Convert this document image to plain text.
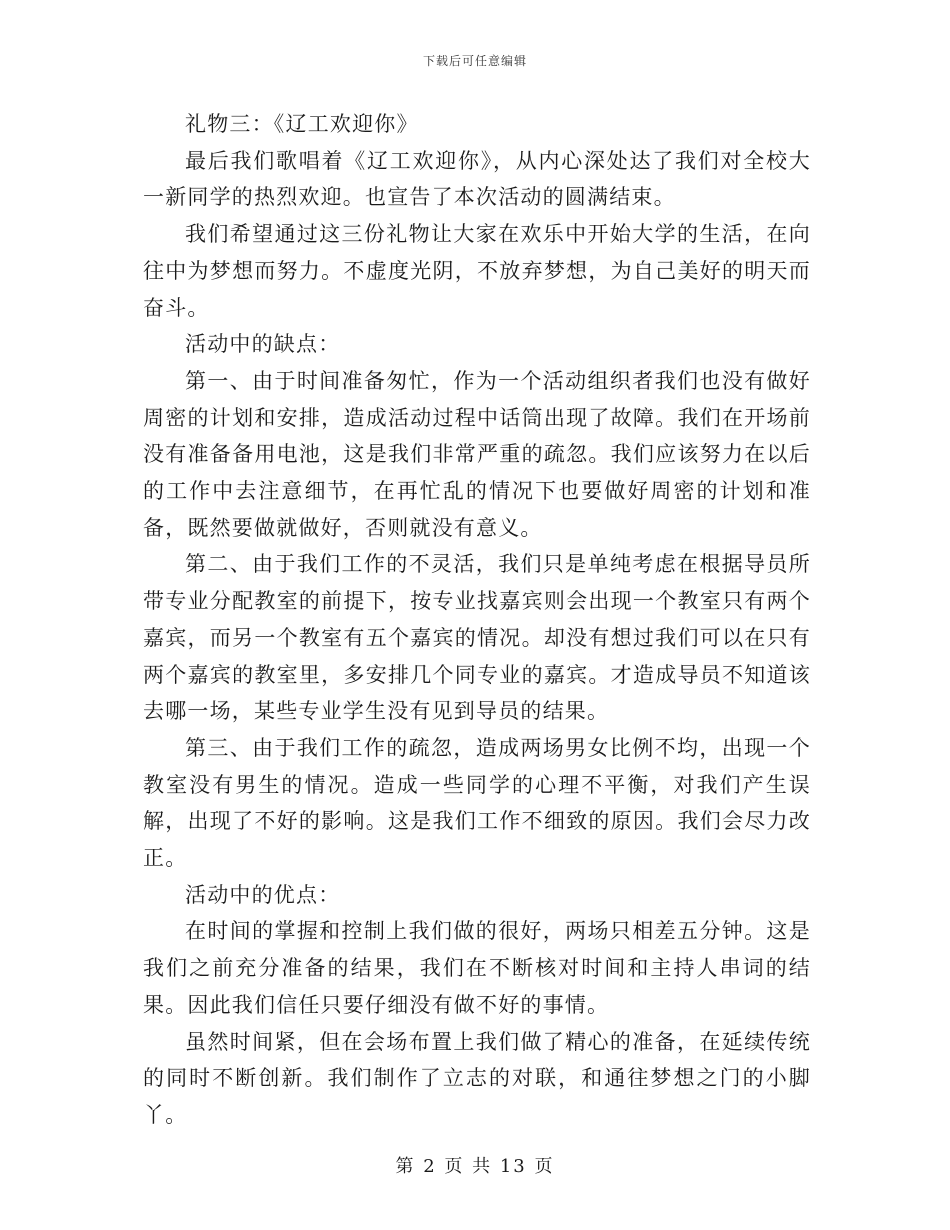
下载后可任意编辑

礼物三：《辽工欢迎你》

最后我们歌唱着《辽工欢迎你》，从内心深处达了我们对全校大一新同学的热烈欢迎。也宣告了本次活动的圆满结束。

我们希望通过这三份礼物让大家在欢乐中开始大学的生活，在向往中为梦想而努力。不虚度光阴，不放弃梦想，为自己美好的明天而奋斗。

活动中的缺点：

第一、由于时间准备匆忙，作为一个活动组织者我们也没有做好周密的计划和安排，造成活动过程中话筒出现了故障。我们在开场前没有准备备用电池，这是我们非常严重的疏忽。我们应该努力在以后的工作中去注意细节，在再忙乱的情况下也要做好周密的计划和准备，既然要做就做好，否则就没有意义。

第二、由于我们工作的不灵活，我们只是单纯考虑在根据导员所带专业分配教室的前提下，按专业找嘉宾则会出现一个教室只有两个嘉宾，而另一个教室有五个嘉宾的情况。却没有想过我们可以在只有两个嘉宾的教室里，多安排几个同专业的嘉宾。才造成导员不知道该去哪一场，某些专业学生没有见到导员的结果。

第三、由于我们工作的疏忽，造成两场男女比例不均，出现一个教室没有男生的情况。造成一些同学的心理不平衡，对我们产生误解，出现了不好的影响。这是我们工作不细致的原因。我们会尽力改正。

活动中的优点：

在时间的掌握和控制上我们做的很好，两场只相差五分钟。这是我们之前充分准备的结果，我们在不断核对时间和主持人串词的结果。因此我们信任只要仔细没有做不好的事情。

虽然时间紧，但在会场布置上我们做了精心的准备，在延续传统的同时不断创新。我们制作了立志的对联，和通往梦想之门的小脚丫。

第 2 页 共 13 页
